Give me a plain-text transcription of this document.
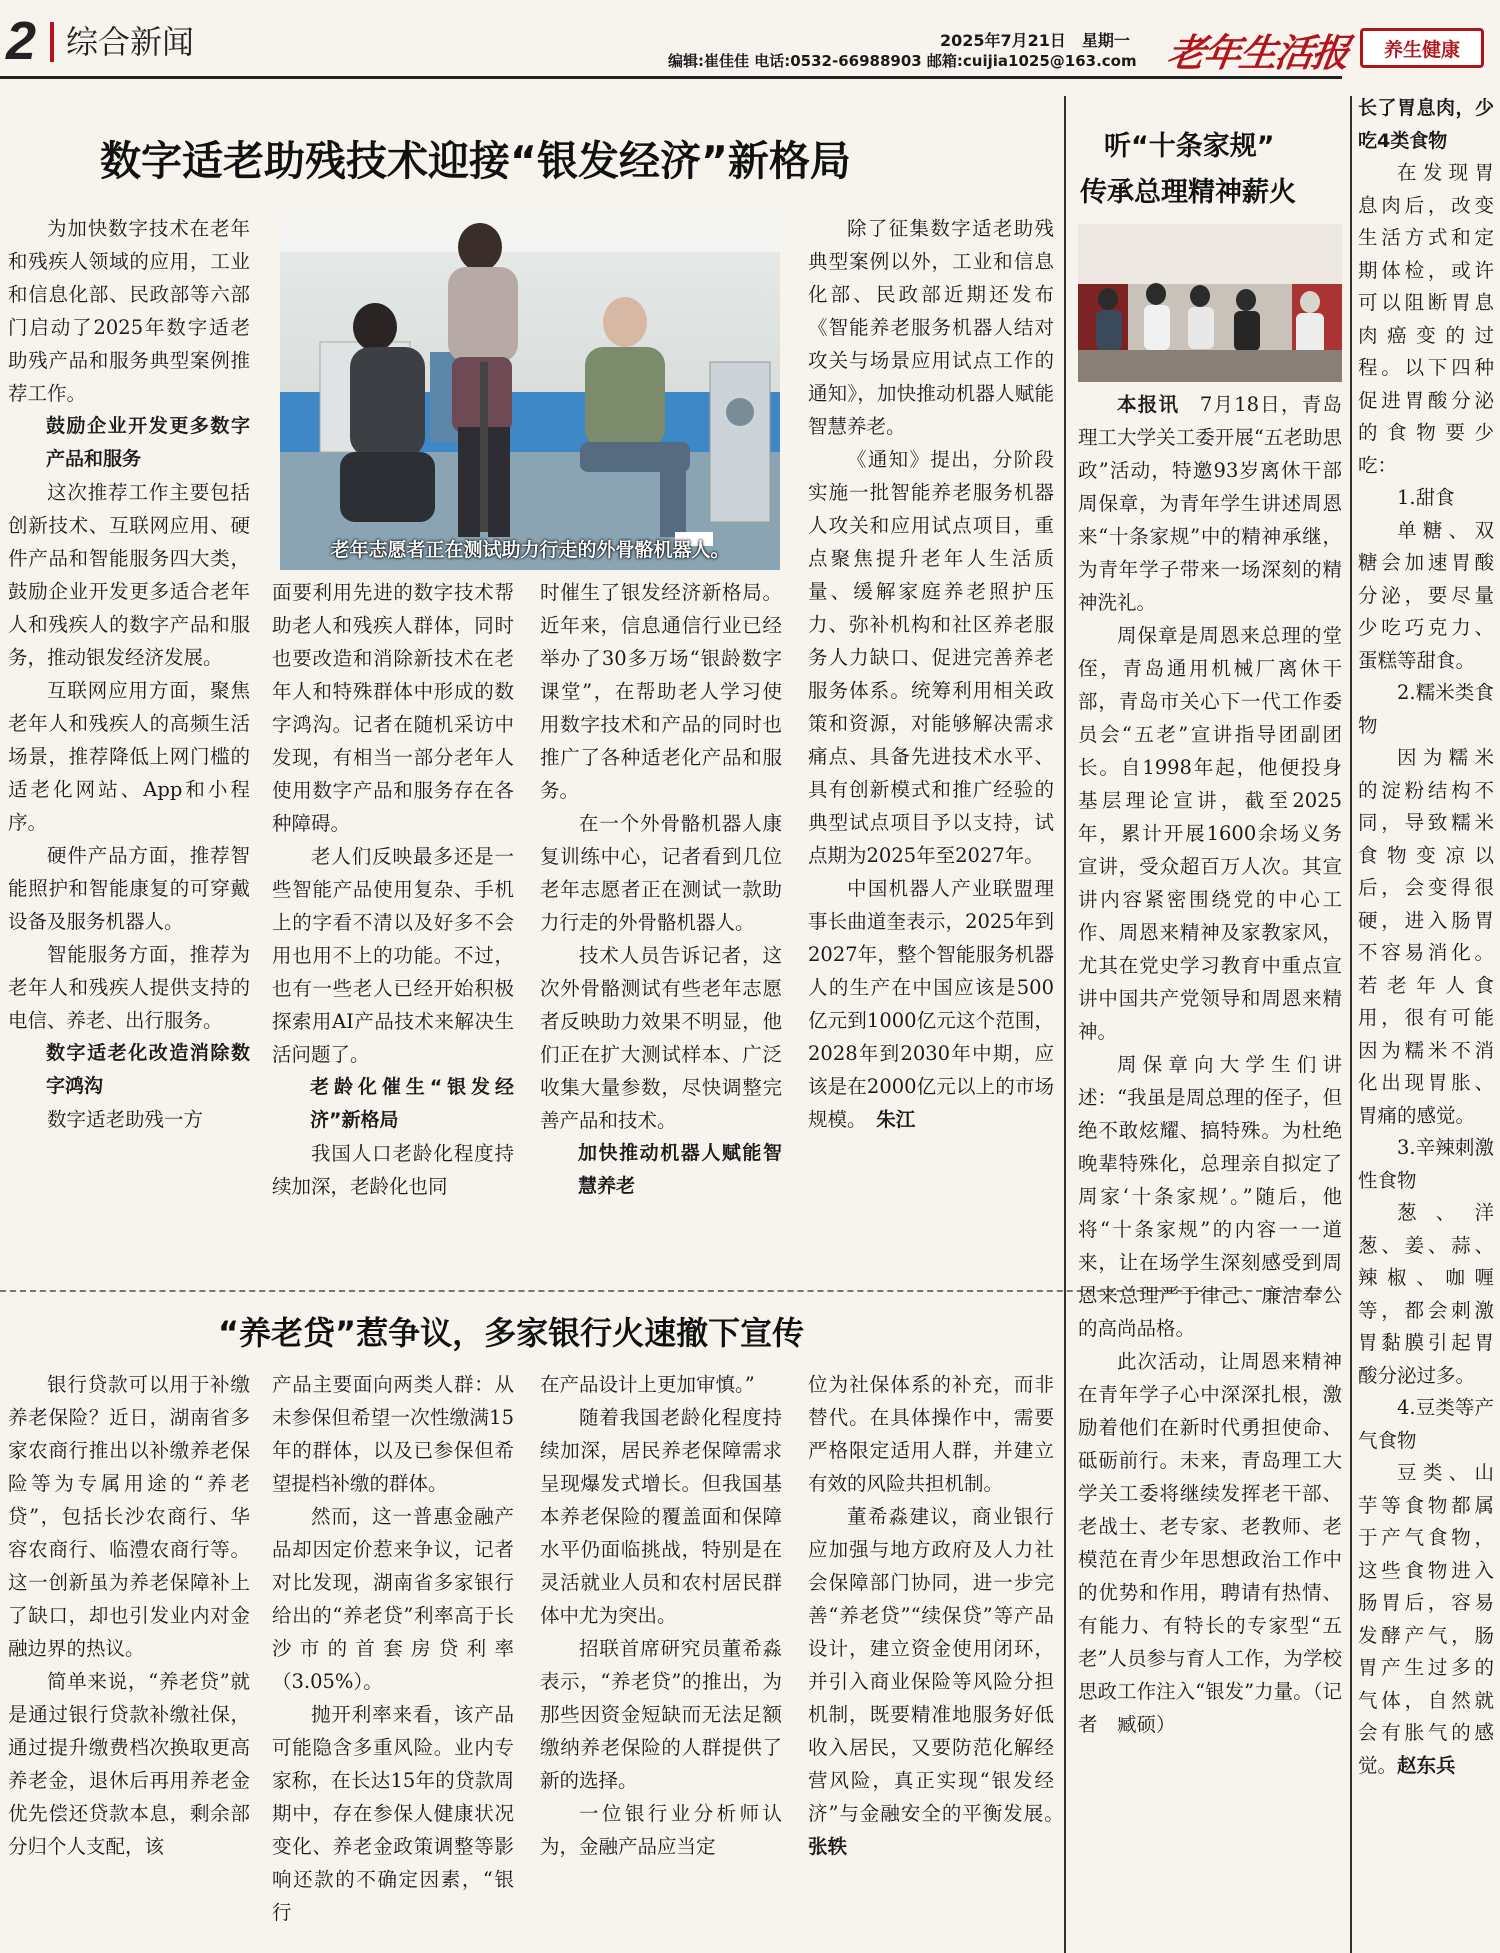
2 综合新闻	2025年7月21日　星期一
编辑:崔佳佳 电话:0532-66988903 邮箱:cuijia1025@163.com 老年生活报
数字适老助残技术迎接“银发经济”新格局

为加快数字技术在老年和残疾人领域的应用，工业和信息化部、民政部等六部门启动了2025年数字适老助残产品和服务典型案例推荐工作。

鼓励企业开发更多数字产品和服务

这次推荐工作主要包括创新技术、互联网应用、硬件产品和智能服务四大类，鼓励企业开发更多适合老年人和残疾人的数字产品和服务，推动银发经济发展。

互联网应用方面，聚焦老年人和残疾人的高频生活场景，推荐降低上网门槛的适老化网站、App和小程序。

硬件产品方面，推荐智能照护和智能康复的可穿戴设备及服务机器人。

智能服务方面，推荐为老年人和残疾人提供支持的电信、养老、出行服务。

数字适老化改造消除数字鸿沟

数字适老助残一方

老年志愿者正在测试助力行走的外骨骼机器人。

面要利用先进的数字技术帮助老人和残疾人群体，同时也要改造和消除新技术在老年人和特殊群体中形成的数字鸿沟。记者在随机采访中发现，有相当一部分老年人使用数字产品和服务存在各种障碍。

老人们反映最多还是一些智能产品使用复杂、手机上的字看不清以及好多不会用也用不上的功能。不过，也有一些老人已经开始积极探索用AI产品技术来解决生活问题了。

老龄化催生“银发经济”新格局

我国人口老龄化程度持续加深，老龄化也同

时催生了银发经济新格局。近年来，信息通信行业已经举办了30多万场“银龄数字课堂”，在帮助老人学习使用数字技术和产品的同时也推广了各种适老化产品和服务。

在一个外骨骼机器人康复训练中心，记者看到几位老年志愿者正在测试一款助力行走的外骨骼机器人。

技术人员告诉记者，这次外骨骼测试有些老年志愿者反映助力效果不明显，他们正在扩大测试样本、广泛收集大量参数，尽快调整完善产品和技术。

加快推动机器人赋能智慧养老

除了征集数字适老助残典型案例以外，工业和信息化部、民政部近期还发布《智能养老服务机器人结对攻关与场景应用试点工作的通知》，加快推动机器人赋能智慧养老。

《通知》提出，分阶段实施一批智能养老服务机器人攻关和应用试点项目，重点聚焦提升老年人生活质量、缓解家庭养老照护压力、弥补机构和社区养老服务人力缺口、促进完善养老服务体系。统筹利用相关政策和资源，对能够解决需求痛点、具备先进技术水平、具有创新模式和推广经验的典型试点项目予以支持，试点期为2025年至2027年。

中国机器人产业联盟理事长曲道奎表示，2025年到2027年，整个智能服务机器人的生产在中国应该是500亿元到1000亿元这个范围，2028年到2030年中期，应该是在2000亿元以上的市场规模。　 朱江

“养老贷”惹争议，多家银行火速撤下宣传

银行贷款可以用于补缴养老保险？近日，湖南省多家农商行推出以补缴养老保险等为专属用途的“养老贷”，包括长沙农商行、华容农商行、临澧农商行等。这一创新虽为养老保障补上了缺口，却也引发业内对金融边界的热议。

简单来说，“养老贷”就是通过银行贷款补缴社保，通过提升缴费档次换取更高养老金，退休后再用养老金优先偿还贷款本息，剩余部分归个人支配，该

产品主要面向两类人群：从未参保但希望一次性缴满15年的群体，以及已参保但希望提档补缴的群体。

然而，这一普惠金融产品却因定价惹来争议，记者对比发现，湖南省多家银行给出的“养老贷”利率高于长沙市的首套房贷利率（3.05%）。

抛开利率来看，该产品可能隐含多重风险。业内专家称，在长达15年的贷款周期中，存在参保人健康状况变化、养老金政策调整等影响还款的不确定因素，“银行

在产品设计上更加审慎。”

随着我国老龄化程度持续加深，居民养老保障需求呈现爆发式增长。但我国基本养老保险的覆盖面和保障水平仍面临挑战，特别是在灵活就业人员和农村居民群体中尤为突出。

招联首席研究员董希淼表示，“养老贷”的推出，为那些因资金短缺而无法足额缴纳养老保险的人群提供了新的选择。

一位银行业分析师认为，金融产品应当定

位为社保体系的补充，而非替代。在具体操作中，需要严格限定适用人群，并建立有效的风险共担机制。

董希淼建议，商业银行应加强与地方政府及人力社会保障部门协同，进一步完善“养老贷”“续保贷”等产品设计，建立资金使用闭环，并引入商业保险等风险分担机制，既要精准地服务好低收入居民，又要防范化解经营风险，真正实现“银发经济”与金融安全的平衡发展。　张轶

听“十条家规”
传承总理精神薪火

本报讯　 7月18日，青岛理工大学关工委开展“五老助思政”活动，特邀93岁离休干部周保章，为青年学生讲述周恩来“十条家规”中的精神承继，为青年学子带来一场深刻的精神洗礼。

周保章是周恩来总理的堂侄，青岛通用机械厂离休干部，青岛市关心下一代工作委员会“五老”宣讲指导团副团长。自1998年起，他便投身基层理论宣讲，截至2025年，累计开展1600余场义务宣讲，受众超百万人次。其宣讲内容紧密围绕党的中心工作、周恩来精神及家教家风，尤其在党史学习教育中重点宣讲中国共产党领导和周恩来精神。

周保章向大学生们讲述：“我虽是周总理的侄子，但绝不敢炫耀、搞特殊。为杜绝晚辈特殊化，总理亲自拟定了周家‘十条家规’。”随后，他将“十条家规”的内容一一道来，让在场学生深刻感受到周恩来总理严于律己、廉洁奉公的高尚品格。

此次活动，让周恩来精神在青年学子心中深深扎根，激励着他们在新时代勇担使命、砥砺前行。未来，青岛理工大学关工委将继续发挥老干部、老战士、老专家、老教师、老模范在青少年思想政治工作中的优势和作用，聘请有热情、有能力、有特长的专家型“五老”人员参与育人工作，为学校思政工作注入“银发”力量。（记者　臧硕）

养生健康
长了胃息肉，少吃4类食物

在发现胃息肉后，改变生活方式和定期体检，或许可以阻断胃息肉癌变的过程。以下四种促进胃酸分泌的食物要少吃：

1.甜食

单糖、双糖会加速胃酸分泌，要尽量少吃巧克力、蛋糕等甜食。

2.糯米类食物

因为糯米的淀粉结构不同，导致糯米食物变凉以后，会变得很硬，进入肠胃不容易消化。若老年人食用，很有可能因为糯米不消化出现胃胀、胃痛的感觉。

3.辛辣刺激性食物

葱、洋葱、姜、蒜、辣椒、咖喱等，都会刺激胃黏膜引起胃酸分泌过多。

4.豆类等产气食物

豆类、山芋等食物都属于产气食物，这些食物进入肠胃后，容易发酵产气，肠胃产生过多的气体，自然就会有胀气的感觉。赵东兵
